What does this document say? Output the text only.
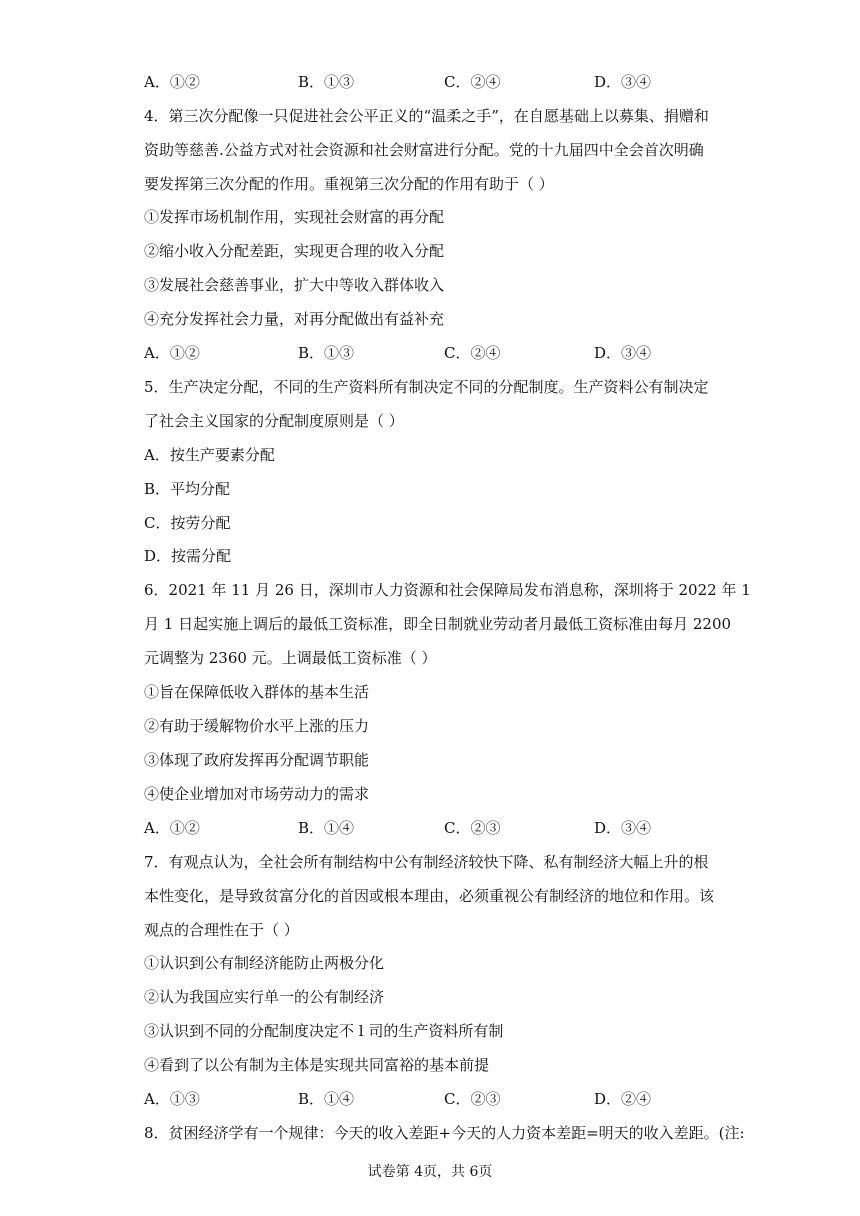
A．①②	B．①③	C．②④	D．③④
4．第三次分配像一只促进社会公平正义的“温柔之手”，在自愿基础上以募集、捐赠和
资助等慈善.公益方式对社会资源和社会财富进行分配。党的十九届四中全会首次明确
要发挥第三次分配的作用。重视第三次分配的作用有助于（ ）
①发挥市场机制作用，实现社会财富的再分配
②缩小收入分配差距，实现更合理的收入分配
③发展社会慈善事业，扩大中等收入群体收入
④充分发挥社会力量，对再分配做出有益补充
A．①②	B．①③	C．②④	D．③④
5．生产决定分配，不同的生产资料所有制决定不同的分配制度。生产资料公有制决定
了社会主义国家的分配制度原则是（ ）
A．按生产要素分配
B．平均分配
C．按劳分配
D．按需分配
6．2021 年 11 月 26 日，深圳市人力资源和社会保障局发布消息称，深圳将于 2022 年 1
月 1 日起实施上调后的最低工资标准，即全日制就业劳动者月最低工资标准由每月 2200
元调整为 2360 元。上调最低工资标准（ ）
①旨在保障低收入群体的基本生活
②有助于缓解物价水平上涨的压力
③体现了政府发挥再分配调节职能
④使企业增加对市场劳动力的需求
A．①②	B．①④	C．②③	D．③④
7．有观点认为，全社会所有制结构中公有制经济较快下降、私有制经济大幅上升的根
本性变化，是导致贫富分化的首因或根本理由，必须重视公有制经济的地位和作用。该
观点的合理性在于（ ）
①认识到公有制经济能防止两极分化
②认为我国应实行单一的公有制经济
③认识到不同的分配制度决定不 l 司的生产资料所有制
④看到了以公有制为主体是实现共同富裕的基本前提
A．①③	B．①④	C．②③	D．②④
8．贫困经济学有一个规律：今天的收入差距+今天的人力资本差距=明天的收入差距。(注:
试卷第 4页，共 6页
